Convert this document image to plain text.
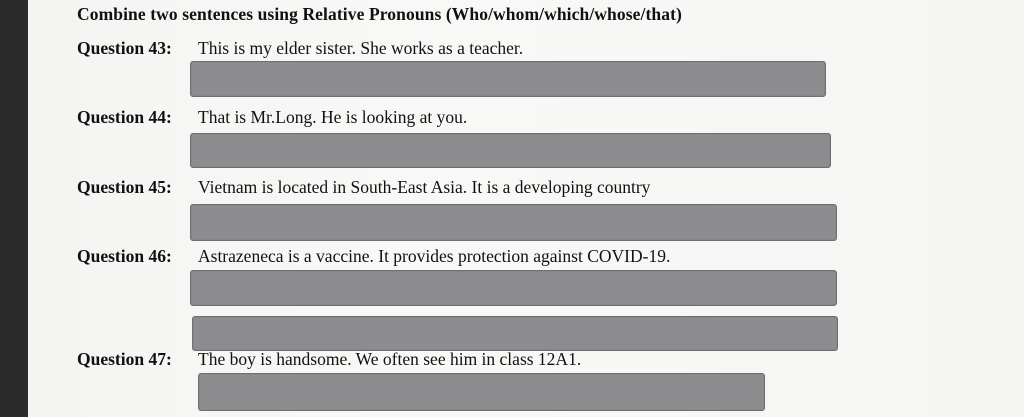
Combine two sentences using Relative Pronouns (Who/whom/which/whose/that)
Question 43: This is my elder sister. She works as a teacher.
Question 44: That is Mr.Long. He is looking at you.
Question 45: Vietnam is located in South-East Asia. It is a developing country
Question 46: Astrazeneca is a vaccine. It provides protection against COVID-19.
Question 47: The boy is handsome. We often see him in class 12A1.
